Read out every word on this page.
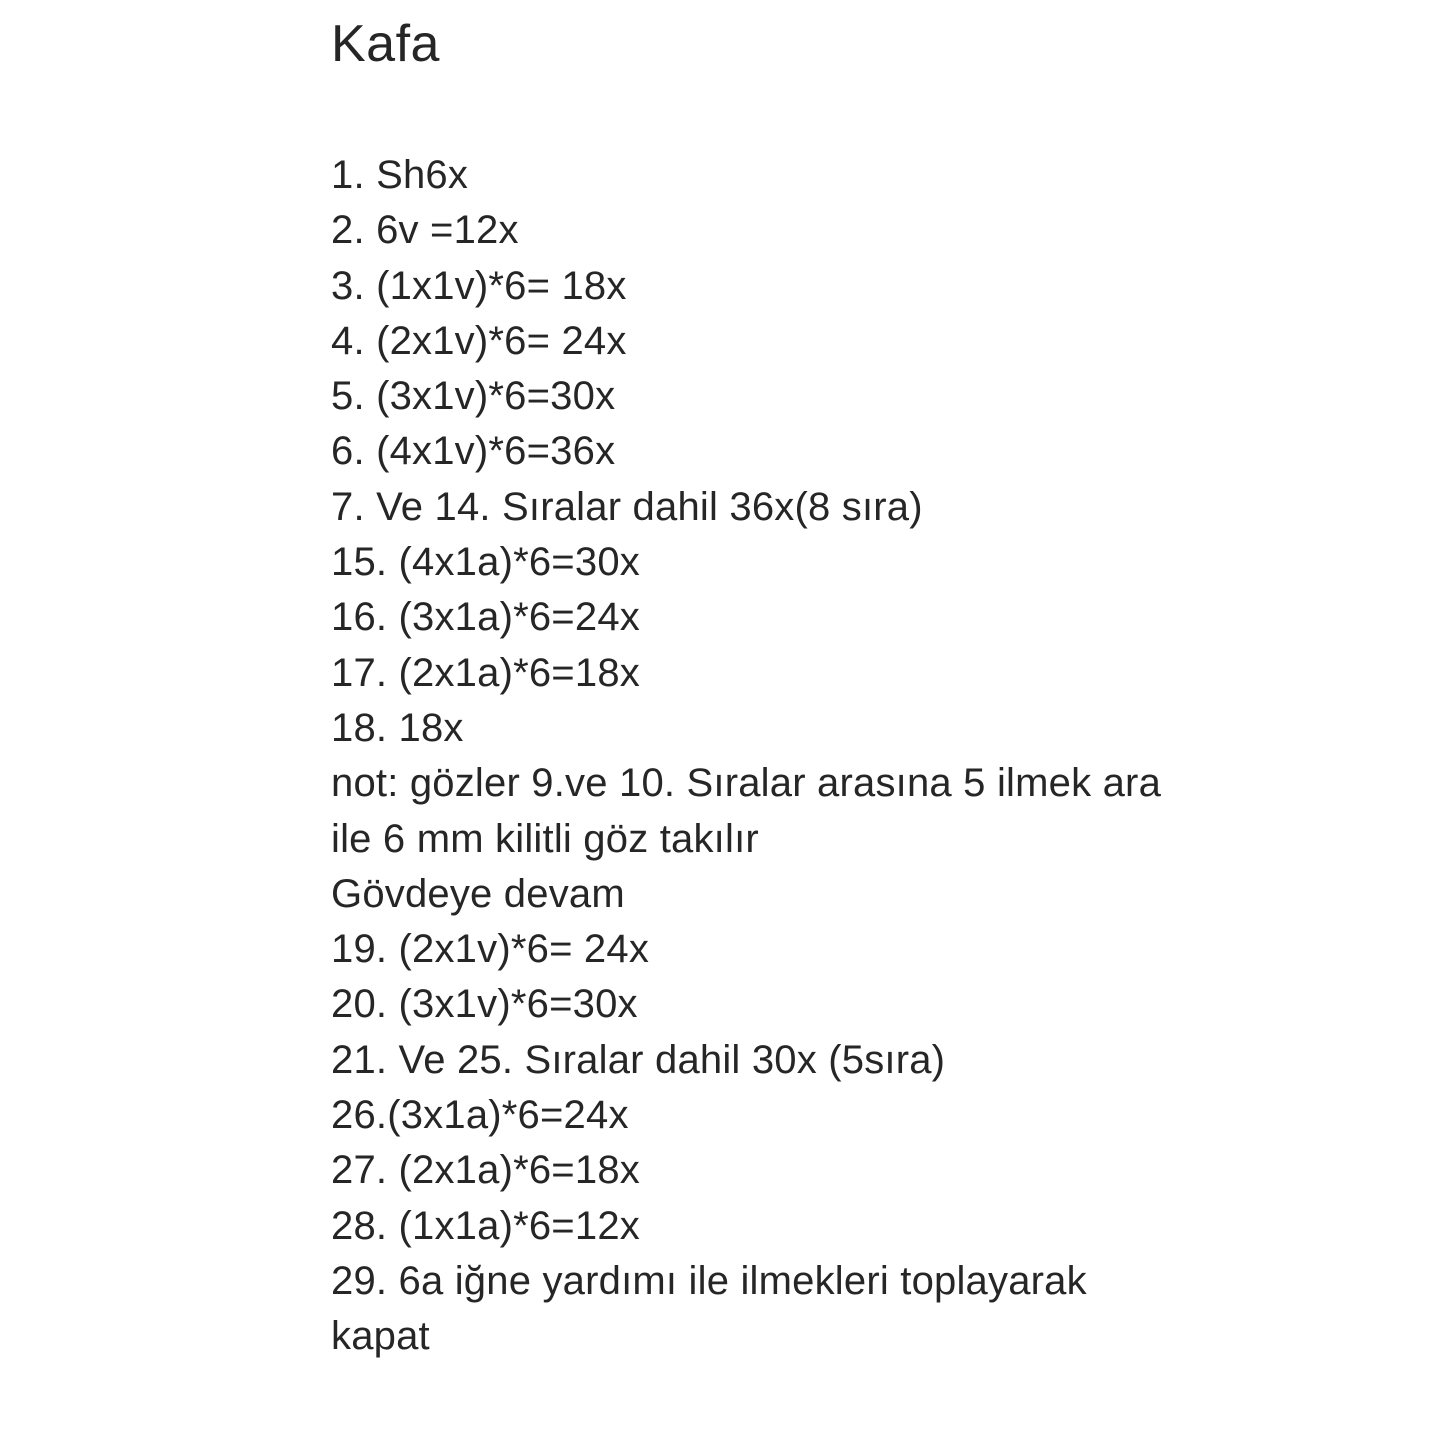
Kafa
1. Sh6x
2. 6v =12x
3. (1x1v)*6= 18x
4. (2x1v)*6= 24x
5. (3x1v)*6=30x
6. (4x1v)*6=36x
7. Ve 14. Sıralar dahil 36x(8 sıra)
15. (4x1a)*6=30x
16. (3x1a)*6=24x
17. (2x1a)*6=18x
18. 18x
not: gözler 9.ve 10. Sıralar arasına 5 ilmek ara
ile 6 mm kilitli göz takılır
Gövdeye devam
19. (2x1v)*6= 24x
20. (3x1v)*6=30x
21. Ve 25. Sıralar dahil 30x (5sıra)
26.(3x1a)*6=24x
27. (2x1a)*6=18x
28. (1x1a)*6=12x
29. 6a iğne yardımı ile ilmekleri toplayarak
kapat
